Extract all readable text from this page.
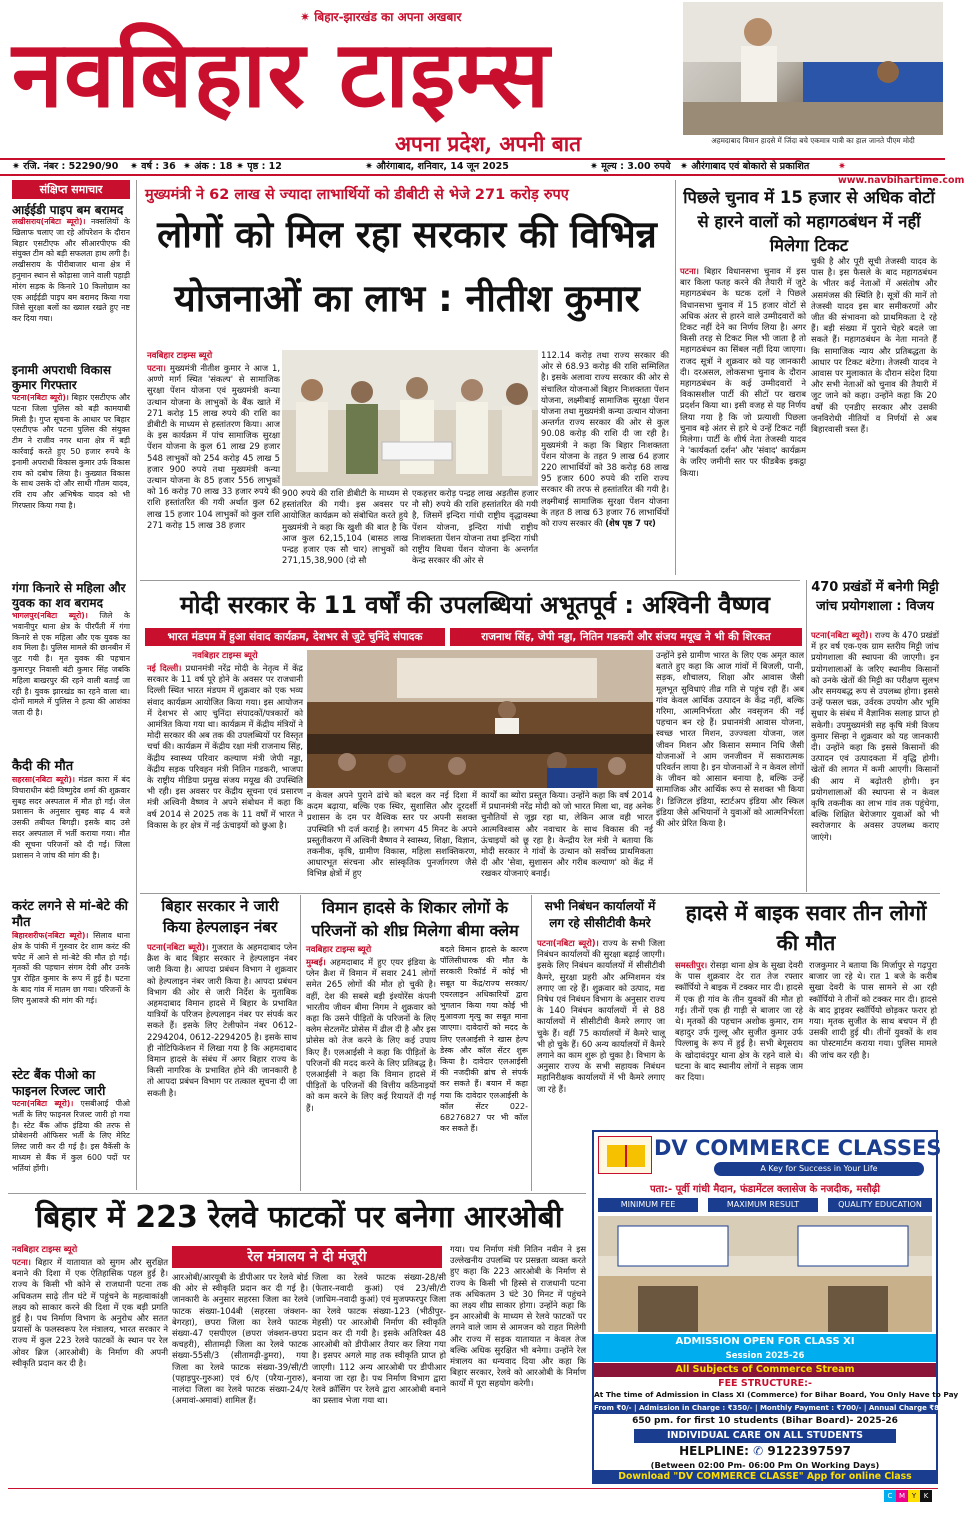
✷ बिहार-झारखंड का अपना अखबार
नवबिहार टाइम्स
अपना प्रदेश, अपनी बात	अहमदाबाद विमान हादसे में जिंदा बचे एकमात्र यात्री का हाल जानते पीएम मोदी
✷ रजि. नंबर : 52290/90 ✷ वर्ष : 36 ✷ अंक : 18 ✷ पृष्ठ : 12	✷ औरंगाबाद, शनिवार, 14 जून 2025	✷ मूल्य : 3.00 रुपये ✷ औरंगाबाद एवं बोकारो से प्रकाशित	✷ www.navbihartime.com
संक्षिप्त समाचार
आईईडी पाइप बम बरामद
लखीसराय(नबिटा ब्यूरो)। नक्सलियों के खिलाफ चलाए जा रहे ऑपरेशन के दौरान बिहार एसटीएफ और सीआरपीएफ की संयुक्त टीम को बड़ी सफलता हाथ लगी है। लखीसराय के पीरीबाजार थाना क्षेत्र में हनुमान स्थान से कोड़ासा जाने वाली पहाड़ी मोरंग सड़क के किनारे 10 किलोग्राम का एक आईईडी पाइप बम बरामद किया गया जिसे सुरक्षा बलों का ख्याल रखते हुए नष्ट कर दिया गया।
इनामी अपराधी विकास कुमार गिरफ्तार
पटना(नबिटा ब्यूरो)। बिहार एसटीएफ और पटना जिला पुलिस को बड़ी कामयाबी मिली है। गुप्त सूचना के आधार पर बिहार एसटीएफ और पटना पुलिस की संयुक्त टीम ने राजीव नगर थाना क्षेत्र में बड़ी कार्रवाई करते हुए 50 हजार रुपये के इनामी अपराधी विकास कुमार उर्फ विकास राय को दबोच लिया है। कुख्यात विकास के साथ उसके दो और साथी गौतम यादव, रवि राय और अभिषेक यादव को भी गिरफ्तार किया गया है।
गंगा किनारे से महिला और युवक का शव बरामद
भागलपुर(नबिटा ब्यूरो)। जिले के भवानीपुर थाना क्षेत्र के पीरपैंती में गंगा किनारे से एक महिला और एक युवक का शव मिला है। पुलिस मामले की छानबीन में जुट गयी है। मृत युवक की पहचान कुमारपुर निवासी बंटी कुमार सिंह जबकि महिला बाखरपुर की रहने वाली बताई जा रही है। युवक झारखंड का रहने वाला था। दोनों मामले में पुलिस ने हत्या की आशंका जता दी है।
कैदी की मौत
सहरसा(नबिटा ब्यूरो)। मंडल कारा में बंद विचाराधीन बंदी विष्णुदेव शर्मा की शुक्रवार सुबह सदर अस्पताल में मौत हो गई। जेल प्रशासन के अनुसार सुबह बाढ़ 4 बजे उसकी तबीयत बिगड़ी। इसके बाद उसे सदर अस्पताल में भर्ती कराया गया। मौत की सूचना परिजनों को दी गई। जिला प्रशासन ने जांच की मांग की है।
करंट लगने से मां-बेटे की मौत
बिहारशरीफ(नबिटा ब्यूरो)। सिलाव थाना क्षेत्र के पांकी में गुरुवार देर शाम करंट की चपेट में आने से मां-बेटे की मौत हो गई। मृतकों की पहचान संगम देवी और उनके पुत्र रोहित कुमार के रूप में हुई है। घटना के बाद गांव में मातम छा गया। परिजनों के लिए मुआवजे की मांग की गई।
स्टेट बैंक पीओ का फाइनल रिजल्ट जारी
पटना(नबिटा ब्यूरो)। एसबीआई पीओ भर्ती के लिए फाइनल रिजल्ट जारी हो गया है। स्टेट बैंक ऑफ इंडिया की तरफ से प्रोबेशनरी ऑफिसर भर्ती के लिए मेरिट लिस्ट जारी कर दी गई है। इस वैकेंसी के माध्यम से बैंक में कुल 600 पदों पर भर्तियां होंगी।
मुख्यमंत्री ने 62 लाख से ज्यादा लाभार्थियों को डीबीटी से भेजे 271 करोड़ रुपए
लोगों को मिल रहा सरकार की विभिन्न
योजनाओं का लाभ : नीतीश कुमार
नवबिहार टाइम्स ब्यूरो
पटना। मुख्यमंत्री नीतीश कुमार ने आज 1, अण्णे मार्ग स्थित 'संकल्प' से सामाजिक सुरक्षा पेंशन योजना एवं मुख्यमंत्री कन्या उत्थान योजना के लाभुकों के बैंक खाते में 271 करोड़ 15 लाख रुपये की राशि का डीबीटी के माध्यम से हस्तांतरण किया। आज के इस कार्यक्रम में पांच सामाजिक सुरक्षा पेंशन योजना के कुल 61 लाख 29 हजार 548 लाभुकों को 254 करोड़ 45 लाख 5 हजार 900 रुपये तथा मुख्यमंत्री कन्या उत्थान योजना के 85 हजार 556 लाभुकों को 16 करोड़ 70 लाख 33 हजार रुपये की राशि हस्तांतरित की गयी अर्थात कुल 62 लाख 15 हजार 104 लाभुकों को कुल राशि 271 करोड़ 15 लाख 38 हजार
900 रुपये की राशि डीबीटी के माध्यम से हस्तांतरित की गयी। इस अवसर पर आयोजित कार्यक्रम को संबोधित करते हुये मुख्यमंत्री ने कहा कि खुशी की बात है कि आज कुल 62,15,104 (बासठ लाख पन्द्रह हजार एक सौ चार) लाभुकों को 271,15,38,900 (दो सौ
एकहत्तर करोड़ पन्द्रह लाख अड़तीस हजार नौ सौ) रुपये की राशि हस्तांतरित की गयी है, जिसमें इन्दिरा गांधी राष्ट्रीय वृद्धावस्था पेंशन योजना, इन्दिरा गांधी राष्ट्रीय निःशक्तता पेंशन योजना तथा इन्दिरा गांधी राष्ट्रीय विधवा पेंशन योजना के अन्तर्गत केन्द्र सरकार की ओर से
112.14 करोड़ तथा राज्य सरकार की ओर से 68.93 करोड़ की राशि सम्मिलित है। इसके अलावा राज्य सरकार की ओर से संचालित योजनाओं बिहार निःशक्तता पेंशन योजना, लक्ष्मीबाई सामाजिक सुरक्षा पेंशन योजना तथा मुख्यमंत्री कन्या उत्थान योजना अन्तर्गत राज्य सरकार की ओर से कुल 90.08 करोड़ की राशि दी जा रही है। मुख्यमंत्री ने कहा कि बिहार निःशक्तता पेंशन योजना के तहत 9 लाख 64 हजार 220 लाभार्थियों को 38 करोड़ 68 लाख 95 हजार 600 रुपये की राशि राज्य सरकार की तरफ से हस्तांतरित की गयी है। लक्ष्मीबाई सामाजिक सुरक्षा पेंशन योजना के तहत 8 लाख 63 हजार 76 लाभार्थियों को राज्य सरकार की (शेष पृष्ठ 7 पर)
पिछले चुनाव में 15 हजार से अधिक वोटों से हारने वालों को महागठबंधन में नहीं मिलेगा टिकट
पटना। बिहार विधानसभा चुनाव में इस बार किला फतह करने की तैयारी में जुटे महागठबंधन के घटक दलों ने पिछले विधानसभा चुनाव में 15 हजार वोटों से अधिक अंतर से हारने वाले उम्मीदवारों को टिकट नहीं देने का निर्णय लिया है। अगर किसी तरह से टिकट मिल भी जाता है तो महागठबंधन का सिंबल नहीं दिया जाएगा। राजद सूत्रों ने शुक्रवार को यह जानकारी दी। दरअसल, लोकसभा चुनाव के दौरान महागठबंधन के कई उम्मीदवारों ने विकासशील पार्टी की सीटों पर खराब प्रदर्शन किया था। इसी वजह से यह निर्णय लिया गया है कि जो प्रत्याशी पिछला चुनाव बड़े अंतर से हारे थे उन्हें टिकट नहीं मिलेगा। पार्टी के शीर्ष नेता तेजस्वी यादव ने 'कार्यकर्ता दर्शन' और 'संवाद' कार्यक्रम के जरिए जमीनी स्तर पर फीडबैक इकट्ठा किया।
चुकी है और पूरी सूची तेजस्वी यादव के पास है। इस फैसले के बाद महागठबंधन के भीतर कई नेताओं में असंतोष और असमंजस की स्थिति है। सूत्रों की मानें तो तेजस्वी यादव इस बार समीकरणों और जीत की संभावना को प्राथमिकता दे रहे हैं। बड़ी संख्या में पुराने चेहरे बदले जा सकते हैं। महागठबंधन के नेता मानते हैं कि सामाजिक न्याय और प्रतिबद्धता के आधार पर टिकट बंटेगा। तेजस्वी यादव ने आवास पर मुलाकात के दौरान संदेश दिया और सभी नेताओं को चुनाव की तैयारी में जुट जाने को कहा। उन्होंने कहा कि 20 वर्षों की एनडीए सरकार और उसकी जनविरोधी नीतियों व निर्णयों से अब बिहारवासी त्रस्त हैं।
मोदी सरकार के 11 वर्षों की उपलब्धियां अभूतपूर्व : अश्विनी वैष्णव
भारत मंडपम में हुआ संवाद कार्यक्रम, देशभर से जुटे चुनिंदे संपादक	राजनाथ सिंह, जेपी नड्डा, नितिन गडकरी और संजय मयूख ने भी की शिरकत
नवबिहार टाइम्स ब्यूरो
नई दिल्ली। प्रधानमंत्री नरेंद्र मोदी के नेतृत्व में केंद्र सरकार के 11 वर्ष पूरे होने के अवसर पर राजधानी दिल्ली स्थित भारत मंडपम में शुक्रवार को एक भव्य संवाद कार्यक्रम आयोजित किया गया। इस आयोजन में देशभर से आए चुनिंदा संपादकों/पत्रकारों को आमंत्रित किया गया था। कार्यक्रम में केंद्रीय मंत्रियों ने मोदी सरकार की अब तक की उपलब्धियों पर विस्तृत चर्चा की। कार्यक्रम में केंद्रीय रक्षा मंत्री राजनाथ सिंह, केंद्रीय स्वास्थ्य परिवार कल्याण मंत्री जेपी नड्डा, केंद्रीय सड़क परिवहन मंत्री नितिन गडकरी, भाजपा के राष्ट्रीय मीडिया प्रमुख संजय मयूख की उपस्थिति भी रही। इस अवसर पर केंद्रीय सूचना एवं प्रसारण मंत्री अश्विनी वैष्णव ने अपने संबोधन में कहा कि वर्ष 2014 से 2025 तक के 11 वर्षों में भारत ने विकास के हर क्षेत्र में नई ऊंचाइयों को छुआ है।
न केवल अपने पुराने ढांचे को बदल कर नई दिशा में कदम बढ़ाया, बल्कि एक स्थिर, सुशासित और दूरदर्शी प्रशासन के दम पर वैश्विक स्तर पर अपनी सशक्त उपस्थिति भी दर्ज कराई है। लगभग 45 मिनट के अपने प्रस्तुतीकरण में अश्विनी वैष्णव ने स्वास्थ्य, शिक्षा, विज्ञान, तकनीक, कृषि, ग्रामीण विकास, महिला सशक्तिकरण, आधारभूत संरचना और सांस्कृतिक पुनर्जागरण जैसे विभिन्न क्षेत्रों में हुए
कार्यों का ब्योरा प्रस्तुत किया। उन्होंने कहा कि वर्ष 2014 में प्रधानमंत्री नरेंद्र मोदी को जो भारत मिला था, वह अनेक चुनौतियों से जूझ रहा था, लेकिन आज वही भारत आत्मविश्वास और नवाचार के साथ विकास की नई ऊंचाइयों को छू रहा है। केन्द्रीय रेल मंत्री ने बताया कि मोदी सरकार ने गांवों के उत्थान को सर्वोच्च प्राथमिकता दी और 'सेवा, सुशासन और गरीब कल्याण' को केंद्र में रखकर योजनाएं बनाईं।
उन्होंने इसे ग्रामीण भारत के लिए एक अमृत काल बताते हुए कहा कि आज गांवों में बिजली, पानी, सड़क, शौचालय, शिक्षा और आवास जैसी मूलभूत सुविधाएं तीव्र गति से पहुंच रही हैं। अब गांव केवल आर्थिक उत्पादन के केंद्र नहीं, बल्कि गरिमा, आत्मनिर्भरता और नवसृजन की नई पहचान बन रहे हैं। प्रधानमंत्री आवास योजना, स्वच्छ भारत मिशन, उज्ज्वला योजना, जल जीवन मिशन और किसान सम्मान निधि जैसी योजनाओं ने आम जनजीवन में सकारात्मक परिवर्तन लाया है। इन योजनाओं ने न केवल लोगों के जीवन को आसान बनाया है, बल्कि उन्हें सामाजिक और आर्थिक रूप से सशक्त भी किया है। डिजिटल इंडिया, स्टार्टअप इंडिया और स्किल इंडिया जैसे अभियानों ने युवाओं को आत्मनिर्भरता की ओर प्रेरित किया है।
470 प्रखंडों में बनेगी मिट्टी जांच प्रयोगशाला : विजय
पटना(नबिटा ब्यूरो)। राज्य के 470 प्रखंडों में हर वर्ष एक-एक ग्राम स्तरीय मिट्टी जांच प्रयोगशाला की स्थापना की जाएगी। इन प्रयोगशालाओं के जरिए स्थानीय किसानों को उनके खेतों की मिट्टी का परीक्षण सुलभ और समयबद्ध रूप से उपलब्ध होगा। इससे उन्हें फसल चक्र, उर्वरक उपयोग और भूमि सुधार के संबंध में वैज्ञानिक सलाह प्राप्त हो सकेगी। उपमुख्यमंत्री सह कृषि मंत्री विजय कुमार सिन्हा ने शुक्रवार को यह जानकारी दी। उन्होंने कहा कि इससे किसानों की उत्पादन एवं उत्पादकता में वृद्धि होगी। खेतों की लागत में कमी आएगी। किसानों की आय में बढ़ोतरी होगी। इन प्रयोगशालाओं की स्थापना से न केवल कृषि तकनीक का लाभ गांव तक पहुंचेगा, बल्कि शिक्षित बेरोजगार युवाओं को भी स्वरोजगार के अवसर उपलब्ध कराए जाएंगे।
बिहार सरकार ने जारी किया हेल्पलाइन नंबर
पटना(नबिटा ब्यूरो)। गुजरात के अहमदाबाद प्लेन क्रैश के बाद बिहार सरकार ने हेल्पलाइन नंबर जारी किया है। आपदा प्रबंधन विभाग ने शुक्रवार को हेल्पलाइन नंबर जारी किया है। आपदा प्रबंधन विभाग की ओर से जारी निर्देश के मुताबिक अहमदाबाद विमान हादसे में बिहार के प्रभावित यात्रियों के परिजन हेल्पलाइन नंबर पर संपर्क कर सकते हैं। इसके लिए टेलीफोन नंबर 0612-2294204, 0612-2294205 है। इसके साथ ही नोटिफिकेशन में लिखा गया है कि अहमदाबाद विमान हादसे के संबंध में अगर बिहार राज्य के किसी नागरिक के प्रभावित होने की जानकारी है तो आपदा प्रबंधन विभाग पर तत्काल सूचना दी जा सकती है।
विमान हादसे के शिकार लोगों के परिजनों को शीघ्र मिलेगा बीमा क्लेम
नवबिहार टाइम्स ब्यूरो
मुम्बई। अहमदाबाद में हुए एयर इंडिया के प्लेन क्रैश में विमान में सवार 241 लोगों समेत 265 लोगों की मौत हो चुकी है। वहीं, देश की सबसे बड़ी इंश्योरेंस कंपनी भारतीय जीवन बीमा निगम ने शुक्रवार को कहा कि उसने पीड़ितों के परिजनों के लिए क्लेम सेटलमेंट प्रोसेस में ढील दी है और इस प्रोसेस को तेज करने के लिए कई उपाय किए हैं। एलआईसी ने कहा कि पीड़ितों के परिजनों की मदद करने के लिए प्रतिबद्ध है। एलआईसी ने कहा कि विमान हादसे में पीड़ितों के परिजनों की वित्तीय कठिनाइयों को कम करने के लिए कई रियायतें दी गई हैं।
बदले विमान हादसे के कारण पॉलिसीधारक की मौत के सरकारी रिकॉर्ड में कोई भी सबूत या केंद्र/राज्य सरकार/एयरलाइन अधिकारियों द्वारा भुगतान किया गया कोई भी मुआवजा मृत्यु का सबूत माना जाएगा। दावेदारों को मदद के लिए एलआईसी ने खास हेल्प डेस्क और कॉल सेंटर शुरू किया है। दावेदार एलआईसी की नजदीकी ब्रांच से संपर्क कर सकते हैं। बयान में कहा गया कि दावेदार एलआईसी के कॉल सेंटर 022-68276827 पर भी कॉल कर सकते हैं।
सभी निबंधन कार्यालयों में लग रहे सीसीटीवी कैमरे
पटना(नबिटा ब्यूरो)। राज्य के सभी जिला निबंधन कार्यालयों की सुरक्षा बढ़ाई जाएगी। इसके लिए निबंधन कार्यालयों में सीसीटीवी कैमरे, सुरक्षा प्रहरी और अग्निशमन यंत्र लगाए जा रहे हैं। शुक्रवार को उत्पाद, मद्य निषेध एवं निबंधन विभाग के अनुसार राज्य के 140 निबंधन कार्यालयों में से 88 कार्यालयों में सीसीटीवी कैमरे लगाए जा चुके हैं। वहीं 75 कार्यालयों में कैमरे चालू भी हो चुके हैं। 60 अन्य कार्यालयों में कैमरे लगाने का काम शुरू हो चुका है। विभाग के अनुसार राज्य के सभी सहायक निबंधन महानिरीक्षक कार्यालयों में भी कैमरे लगाए जा रहे हैं।
हादसे में बाइक सवार तीन लोगों की मौत
समस्तीपुर। रोसड़ा थाना क्षेत्र के सुखा देवरी के पास शुक्रवार देर रात तेज रफ्तार स्कॉर्पियो ने बाइक में टक्कर मार दी। हादसे में एक ही गांव के तीन युवकों की मौत हो गई। तीनों एक ही गाड़ी से बाजार जा रहे थे। मृतकों की पहचान अशोक कुमार, राम बहादुर उर्फ गुल्लू और सुजीत कुमार उर्फ पिल्लाबु के रूप में हुई है। सभी बेगूसराय के खोदावंदपुर थाना क्षेत्र के रहने वाले थे। घटना के बाद स्थानीय लोगों ने सड़क जाम कर दिया।
राजकुमार ने बताया कि मिर्जापुर से गढ़पुरा बाजार जा रहे थे। रात 1 बजे के करीब सुखा देवरी के पास सामने से आ रही स्कॉर्पियो ने तीनों को टक्कर मार दी। हादसे के बाद ड्राइवर स्कॉर्पियो छोड़कर फरार हो गया। मृतक सुजीत के साथ बचपन में ही उसकी शादी हुई थी। तीनों युवकों के शव का पोस्टमार्टम कराया गया। पुलिस मामले की जांच कर रही है।
बिहार में 223 रेलवे फाटकों पर बनेगा आरओबी
नवबिहार टाइम्स ब्यूरो
पटना। बिहार में यातायात को सुगम और सुरक्षित बनाने की दिशा में एक ऐतिहासिक पहल हुई है। राज्य के किसी भी कोने से राजधानी पटना तक अधिकतम साढ़े तीन घंटे में पहुंचने के महत्वाकांक्षी लक्ष्य को साकार करने की दिशा में एक बड़ी प्रगति हुई है। पथ निर्माण विभाग के अनुरोध और सतत प्रयासों के फलस्वरूप रेल मंत्रालय, भारत सरकार ने राज्य में कुल 223 रेलवे फाटकों के स्थान पर रेल ओवर ब्रिज (आरओबी) के निर्माण की अपनी स्वीकृति प्रदान कर दी है।
रेल मंत्रालय ने दी मंजूरी
आरओबी/आरयूबी के डीपीआर पर रेलवे बोर्ड की ओर से स्वीकृति प्रदान कर दी गई है। जानकारी के अनुसार सहरसा जिला का रेलवे फाटक संख्या-104बी (सहरसा जंक्शन-बेगरहा), छपरा जिला का रेलवे फाटक संख्या-47 एसपीएल (छपरा जंक्शन-छपरा कचहरी), सीतामढ़ी जिला का रेलवे फाटक संख्या-55सी/3 (सीतामढ़ी-डुमरा), गया जिला का रेलवे फाटक संख्या-39/सी/टी (पहाड़पुर-गुरुआ) एवं 6/ए (परैया-गुरारु), नालंदा जिला का रेलवे फाटक संख्या-24/ए (अमावां-अमावां) शामिल हैं।
जिला का रेलवे फाटक संख्या-28/सी (फेतार-नवादी कुआं) एवं 23/सी/टी (जाधिम-नवादी कुआं) एवं मुजफ्फरपुर जिला का रेलवे फाटक संख्या-123 (भीठीपुर-मेहसी) पर आरओबी निर्माण की स्वीकृति प्रदान कर दी गयी है। इसके अतिरिक्त 48 आरओबी को डीपीआर तैयार कर लिया गया है। इसपर अगले माह तक स्वीकृति प्राप्त हो जाएगी। 112 अन्य आरओबी पर डीपीआर बनाया जा रहा है। पथ निर्माण विभाग द्वारा रेलवे क्रॉसिंग पर रेलवे द्वारा आरओबी बनाने का प्रस्ताव भेजा गया था।
गया। पथ निर्माण मंत्री नितिन नवीन ने इस उल्लेखनीय उपलब्धि पर प्रसन्नता व्यक्त करते हुए कहा कि 223 आरओबी के निर्माण से राज्य के किसी भी हिस्से से राजधानी पटना तक अधिकतम 3 घंटे 30 मिनट में पहुंचने का लक्ष्य शीघ्र साकार होगा। उन्होंने कहा कि इन आरओबी के माध्यम से रेलवे फाटकों पर लगने वाले जाम से आमजन को राहत मिलेगी और राज्य में सड़क यातायात न केवल तेज बल्कि अधिक सुरक्षित भी बनेगा। उन्होंने रेल मंत्रालय का धन्यवाद दिया और कहा कि बिहार सरकार, रेलवे को आरओबी के निर्माण कार्यों में पूरा सहयोग करेगी।
DV COMMERCE CLASSES
A Key for Success in Your Life
पता:- पूर्वी गांधी मैदान, फंडामेंटल क्लासेज के नजदीक, मसौढ़ी
MINIMUM FEE	MAXIMUM RESULT	QUALITY EDUCATION
ADMISSION OPEN FOR CLASS XI
Session 2025-26
All Subjects of Commerce Stream
FEE STRUCTURE:-
At The time of Admission in Class XI (Commerce) for Bihar Board, You Only Have to Pay
From ₹0/- | Admission in Charge : ₹350/- | Monthly Payment : ₹700/- | Annual Charge ₹8400
650 pm. for first 10 students (Bihar Board)- 2025-26
INDIVIDUAL CARE ON ALL STUDENTS
HELPLINE: ✆ 9122397597
(Between 02:00 Pm- 06:00 Pm On Working Days)
Download "DV COMMERCE CLASSE" App for online Class
C M Y	K
